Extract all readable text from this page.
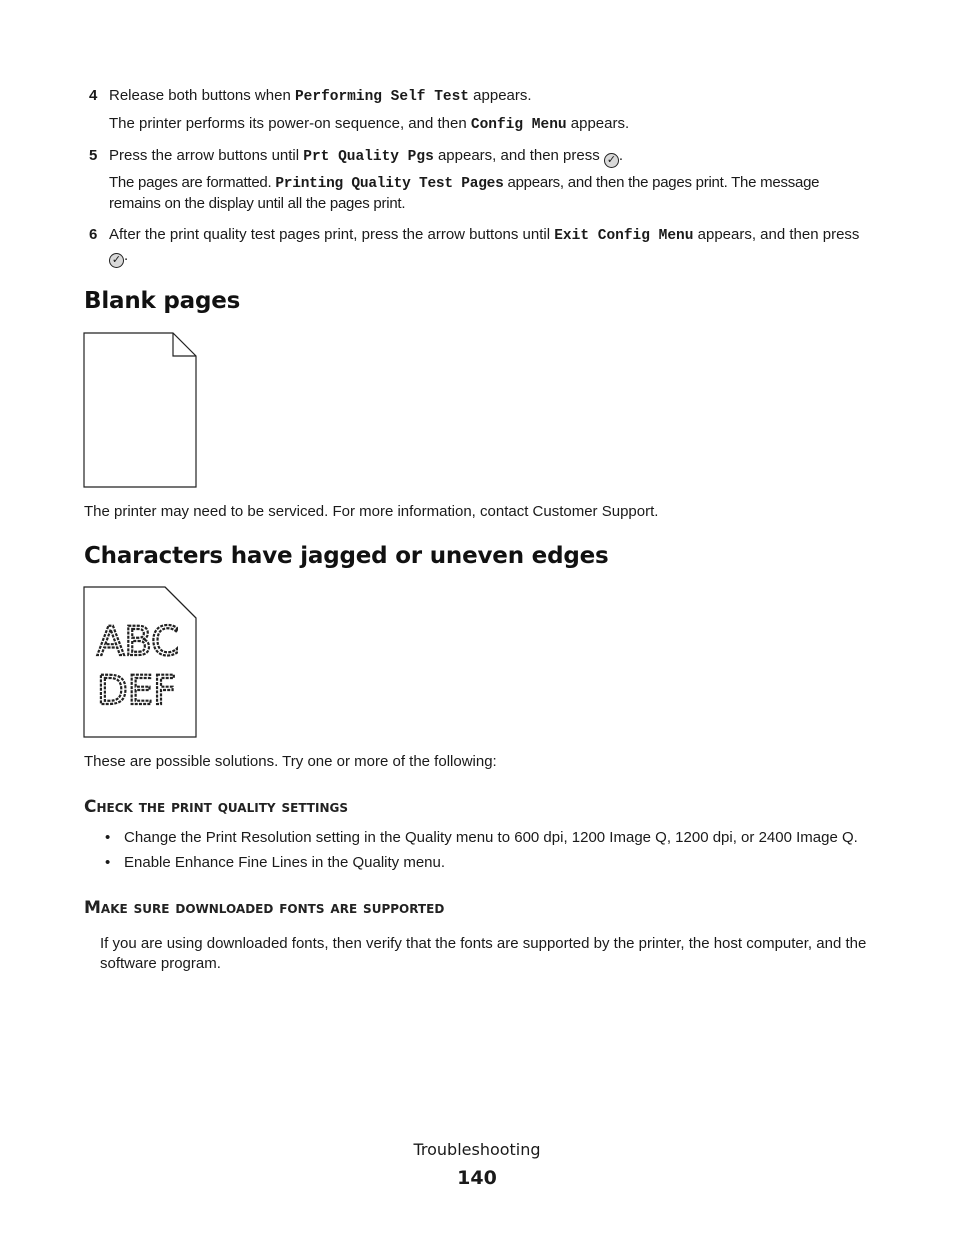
4 Release both buttons when Performing Self Test appears.
The printer performs its power-on sequence, and then Config Menu appears.
5 Press the arrow buttons until Prt Quality Pgs appears, and then press ✓ .
The pages are formatted. Printing Quality Test Pages appears, and then the pages print. The message remains on the display until all the pages print.
6 After the print quality test pages print, press the arrow buttons until Exit Config Menu appears, and then press ✓ .
Blank pages
The printer may need to be serviced. For more information, contact Customer Support.
Characters have jagged or uneven edges
ABC
DEF
These are possible solutions. Try one or more of the following:
Check the print quality settings
• Change the Print Resolution setting in the Quality menu to 600 dpi, 1200 Image Q, 1200 dpi, or 2400 Image Q.
• Enable Enhance Fine Lines in the Quality menu.
Make sure downloaded fonts are supported
If you are using downloaded fonts, then verify that the fonts are supported by the printer, the host computer, and the software program.
Troubleshooting
140
